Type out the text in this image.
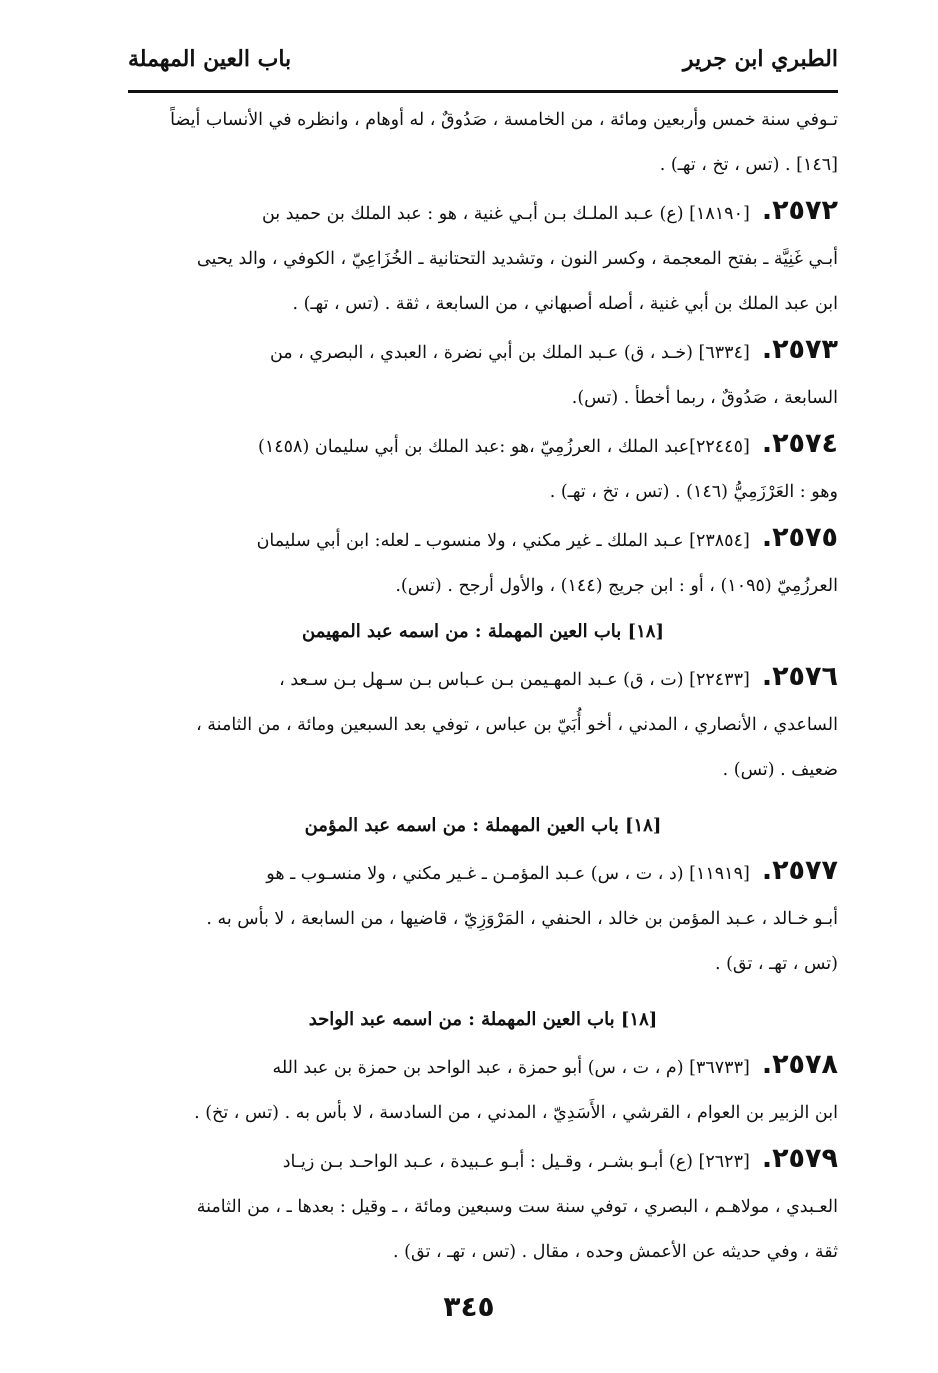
الطبري ابن جرير
باب العين المهملة

تـوفي سنة خمس وأربعين ومائة ، من الخامسة ، صَدُوقٌ ، له أوهام ، وانظره في الأنساب أيضاً
[١٤٦] . (تس ، تخ ، تهـ) .

٢٥٧٢.[١٨١٩٠] (ع) عـبد الملـك بـن أبـي غنية ، هو : عبد الملك بن حميد بن
أبـي غَنِيَّة ـ بفتح المعجمة ، وكسر النون ، وتشديد التحتانية ـ الخُزَاعِيّ ، الكوفي ، والد يحيى
ابن عبد الملك بن أبي غنية ، أصله أصبهاني ، من السابعة ، ثقة . (تس ، تهـ) .

٢٥٧٣.[٦٣٣٤] (خـد ، ق) عـبد الملك بن أبي نضرة ، العبدي ، البصري ، من
السابعة ، صَدُوقٌ ، ربما أخطأ . (تس).

٢٥٧٤.[٢٢٤٤٥]عبد الملك ، العرزُمِيّ ،هو :عبد الملك بن أبي سليمان (١٤٥٨)
وهو : العَرْزَمِيُّ (١٤٦) . (تس ، تخ ، تهـ) .

٢٥٧٥.[٢٣٨٥٤] عـبد الملك ـ غير مكني ، ولا منسوب ـ لعله: ابن أبي سليمان
العرزُمِيّ (١٠٩٥) ، أو : ابن جريج (١٤٤) ، والأول أرجح . (تس).

[١٨] باب العين المهملة : من اسمه عبد المهيمن

٢٥٧٦.[٢٢٤٣٣] (ت ، ق) عـبد المهـيمن بـن عـباس بـن سـهل بـن سـعد ،
الساعدي ، الأنصاري ، المدني ، أخو أُبَيّ بن عباس ، توفي بعد السبعين ومائة ، من الثامنة ،
ضعيف . (تس) .

[١٨] باب العين المهملة : من اسمه عبد المؤمن

٢٥٧٧.[١١٩١٩] (د ، ت ، س) عـبد المؤمـن ـ غـير مكني ، ولا منسـوب ـ هو
أبـو خـالد ، عـبد المؤمن بن خالد ، الحنفي ، المَرْوَزِيّ ، قاضيها ، من السابعة ، لا بأس به .
(تس ، تهـ ، تق) .

[١٨] باب العين المهملة : من اسمه عبد الواحد

٢٥٧٨.[٣٦٧٣٣] (م ، ت ، س) أبو حمزة ، عبد الواحد بن حمزة بن عبد الله
ابن الزبير بن العوام ، القرشي ، الأَسَدِيّ ، المدني ، من السادسة ، لا بأس به . (تس ، تخ) .

٢٥٧٩.[٢٦٢٣] (ع) أبـو بشـر ، وقـيل : أبـو عـبيدة ، عـبد الواحـد بـن زيـاد
العـبدي ، مولاهـم ، البصري ، توفي سنة ست وسبعين ومائة ، ـ وقيل : بعدها ـ ، من الثامنة
ثقة ، وفي حديثه عن الأعمش وحده ، مقال . (تس ، تهـ ، تق) .

٣٤٥
